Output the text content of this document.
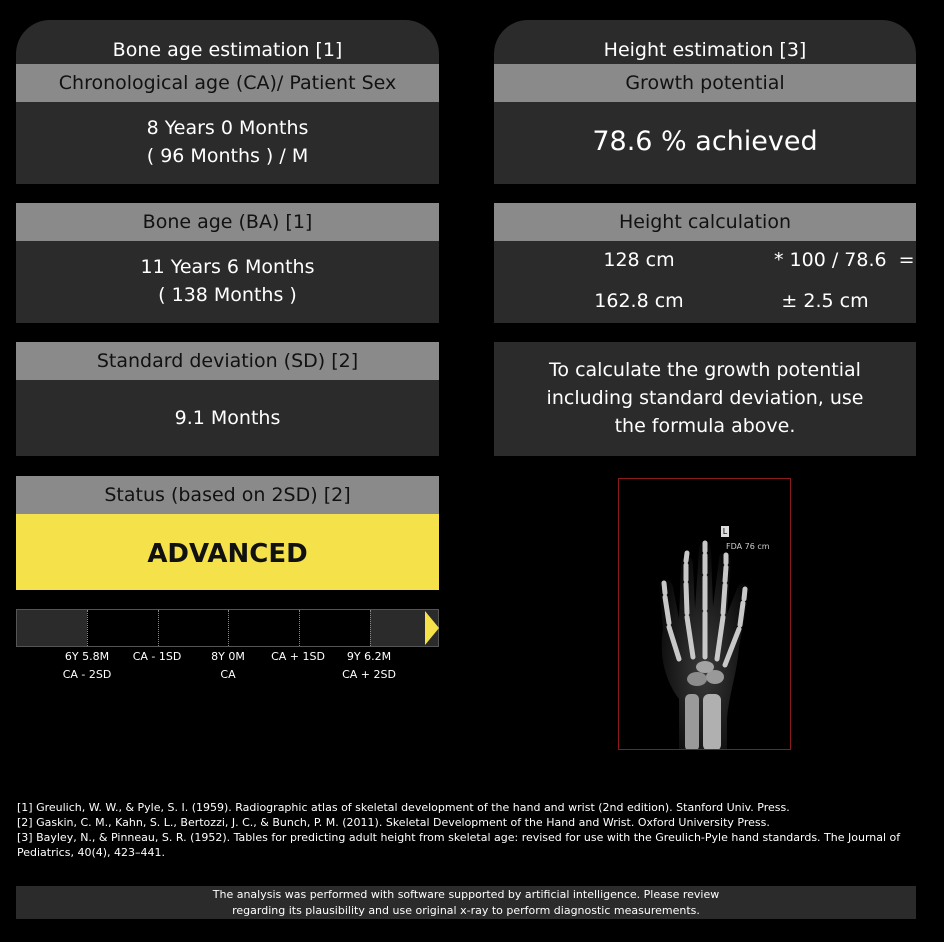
Bone age estimation [1]
Chronological age (CA)/ Patient Sex
8 Years 0 Months
( 96 Months ) / M
Bone age (BA) [1]
11 Years 6 Months
( 138 Months )
Standard deviation (SD) [2]
9.1 Months
Status (based on 2SD) [2]
ADVANCED
6Y 5.8M
CA - 2SD
CA - 1SD	8Y 0M
CA
CA + 1SD	9Y 6.2M
CA + 2SD
Height estimation [3]
Growth potential
78.6 % achieved
Height calculation
128 cm	* 100 / 78.6  =
162.8 cm	± 2.5 cm
To calculate the growth potential including standard deviation, use the formula above.
L
FDA 76 cm
[1] Greulich, W. W., & Pyle, S. I. (1959). Radiographic atlas of skeletal development of the hand and wrist (2nd edition). Stanford Univ. Press.
[2] Gaskin, C. M., Kahn, S. L., Bertozzi, J. C., & Bunch, P. M. (2011). Skeletal Development of the Hand and Wrist. Oxford University Press.
[3] Bayley, N., & Pinneau, S. R. (1952). Tables for predicting adult height from skeletal age: revised for use with the Greulich-Pyle hand standards. The Journal of Pediatrics, 40(4), 423–441.
The analysis was performed with software supported by artificial intelligence. Please review regarding its plausibility and use original x-ray to perform diagnostic measurements.
